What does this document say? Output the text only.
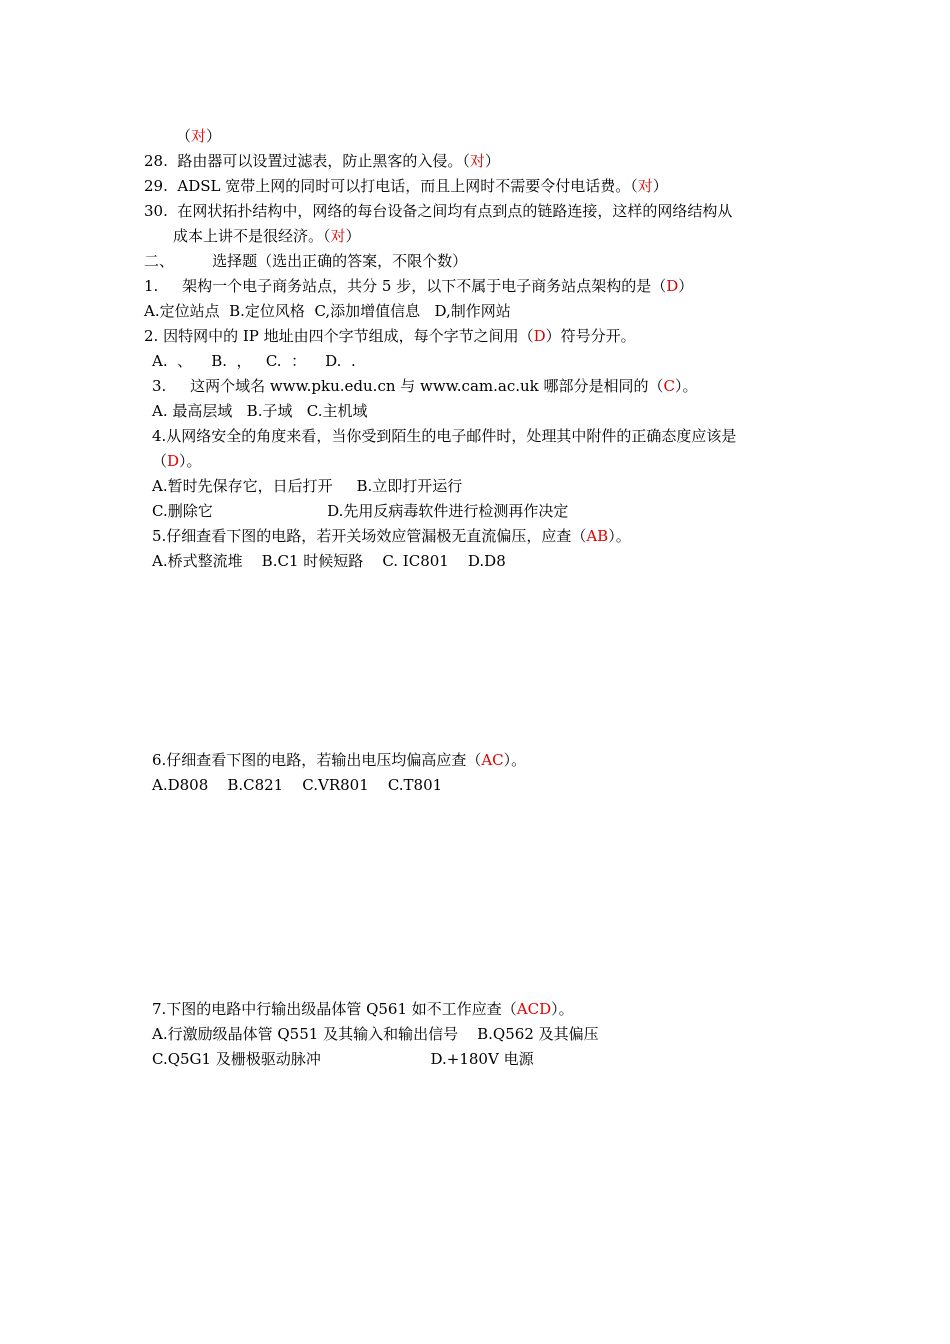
（对）
28.  路由器可以设置过滤表，防止黑客的入侵。（对）
29.  ADSL 宽带上网的同时可以打电话，而且上网时不需要令付电话费。（对）
30.  在网状拓扑结构中，网络的每台设备之间均有点到点的链路连接，这样的网络结构从
成本上讲不是很经济。（对）
二、        选择题（选出正确的答案，不限个数）
1.     架构一个电子商务站点，共分 5 步，以下不属于电子商务站点架构的是（D）
A.定位站点  B.定位风格  C,添加增值信息   D,制作网站
2. 因特网中的 IP 地址由四个字节组成，每个字节之间用（D）符号分开。
A.  、    B.  ，   C.  ：    D.  .
3.     这两个域名 www.pku.edu.cn 与 www.cam.ac.uk 哪部分是相同的（C）。
A. 最高层域   B.子域   C.主机域
4.从网络安全的角度来看，当你受到陌生的电子邮件时，处理其中附件的正确态度应该是
（D）。
A.暂时先保存它，日后打开     B.立即打开运行
C.删除它                        D.先用反病毒软件进行检测再作决定
5.仔细查看下图的电路，若开关场效应管漏极无直流偏压，应查（AB）。
A.桥式整流堆    B.C1 时候短路    C. IC801    D.D8
6.仔细查看下图的电路，若输出电压均偏高应查（AC）。
A.D808    B.C821    C.VR801    C.T801
7.下图的电路中行输出级晶体管 Q561 如不工作应查（ACD）。
A.行激励级晶体管 Q551 及其输入和输出信号    B.Q562 及其偏压
C.Q5G1 及栅极驱动脉冲                       D.+180V 电源
